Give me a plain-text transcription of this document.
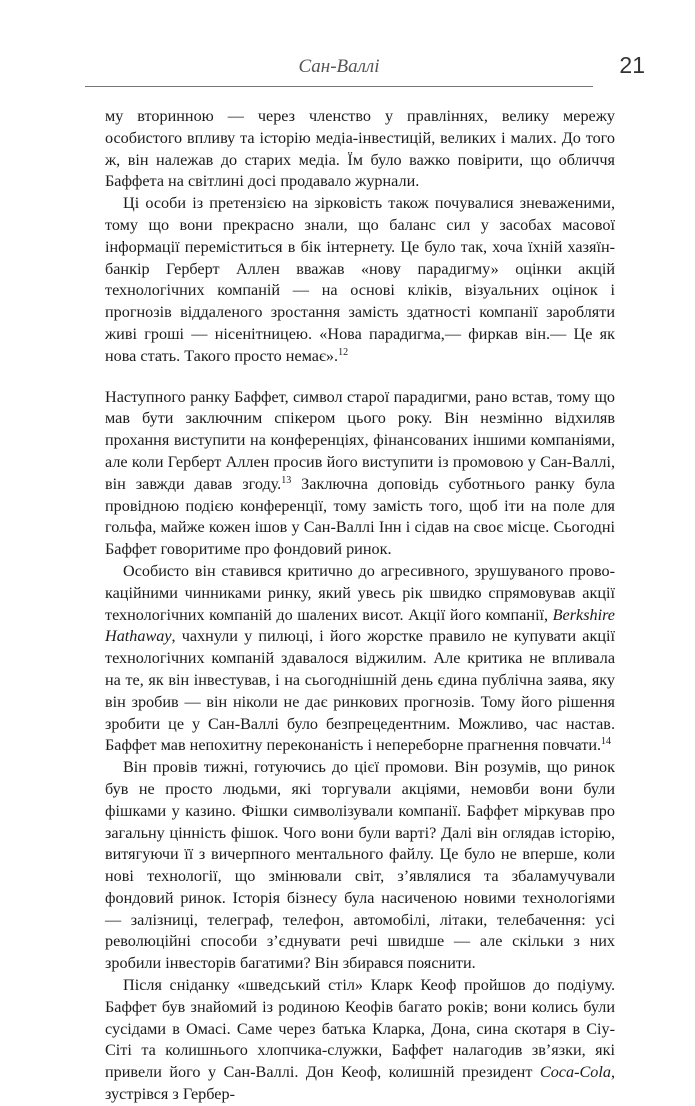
Сан-Валлі	21

му вторинною — через членство у правліннях, велику мережу особистого впливу та історію медіа-інвестицій, великих і малих. До того ж, він належав до старих медіа. Їм було важко повірити, що обличчя Баффета на світлині досі продавало журнали.

Ці особи із претензією на зірковість також почувалися зневаженими, тому що вони прекрасно знали, що баланс сил у засобах масової інформації переміститься в бік інтернету. Це було так, хоча їхній хазяїн-банкір Герберт Аллен вважав «нову парадигму» оцінки акцій технологічних компаній — на основі кліків, візуальних оцінок і прогнозів віддаленого зростання замість здатності компанії заробляти живі гроші — нісенітницею. «Нова парадигма,— фиркав він.— Це як нова стать. Такого просто немає».$^{12}$

Наступного ранку Баффет, символ старої парадигми, рано встав, тому що мав бути заключним спікером цього року. Він незмінно відхиляв прохання виступити на конференціях, фінансованих іншими компаніями, але коли Герберт Аллен просив його виступити із промовою у Сан-Валлі, він завжди давав згоду.$^{13}$ Заключна доповідь суботнього ранку була провідною подією конференції, тому замість того, щоб іти на поле для гольфа, майже кожен ішов у Сан-Валлі Інн і сідав на своє місце. Сьогодні Баффет говоритиме про фондовий ринок.

Особисто він ставився критично до агресивного, зрушуваного провокаційними чинниками ринку, який увесь рік швидко спрямовував акції технологічних компаній до шалених висот. Акції його компанії, Berkshire Hathaway, чахнули у пилюці, і його жорстке правило не купувати акції технологічних компаній здавалося віджилим. Але критика не впливала на те, як він інвестував, і на сьогоднішній день єдина публічна заява, яку він зробив — він ніколи не дає ринкових прогнозів. Тому його рішення зробити це у Сан-Валлі було безпрецедентним. Можливо, час настав. Баффет мав непохитну переконаність і непереборне прагнення повчати.$^{14}$

Він провів тижні, готуючись до цієї промови. Він розумів, що ринок був не просто людьми, які торгували акціями, немовби вони були фішками у казино. Фішки символізували компанії. Баффет міркував про загальну цінність фішок. Чого вони були варті? Далі він оглядав історію, витягуючи її з вичерпного ментального файлу. Це було не вперше, коли нові технології, що змінювали світ, з’являлися та збаламучували фондовий ринок. Історія бізнесу була насиченою новими технологіями — залізниці, телеграф, телефон, автомобілі, літаки, телебачення: усі революційні способи з’єднувати речі швидше — але скільки з них зробили інвесторів багатими? Він збирався пояснити.

Після сніданку «шведський стіл» Кларк Кеоф пройшов до подіуму. Баффет був знайомий із родиною Кеофів багато років; вони колись були сусідами в Омасі. Саме через батька Кларка, Дона, сина скотаря в Сіу-Сіті та колишнього хлопчика-служки, Баффет налагодив зв’язки, які привели його у Сан-Валлі. Дон Кеоф, колишній президент Coca-Cola, зустрівся з Гербер-
